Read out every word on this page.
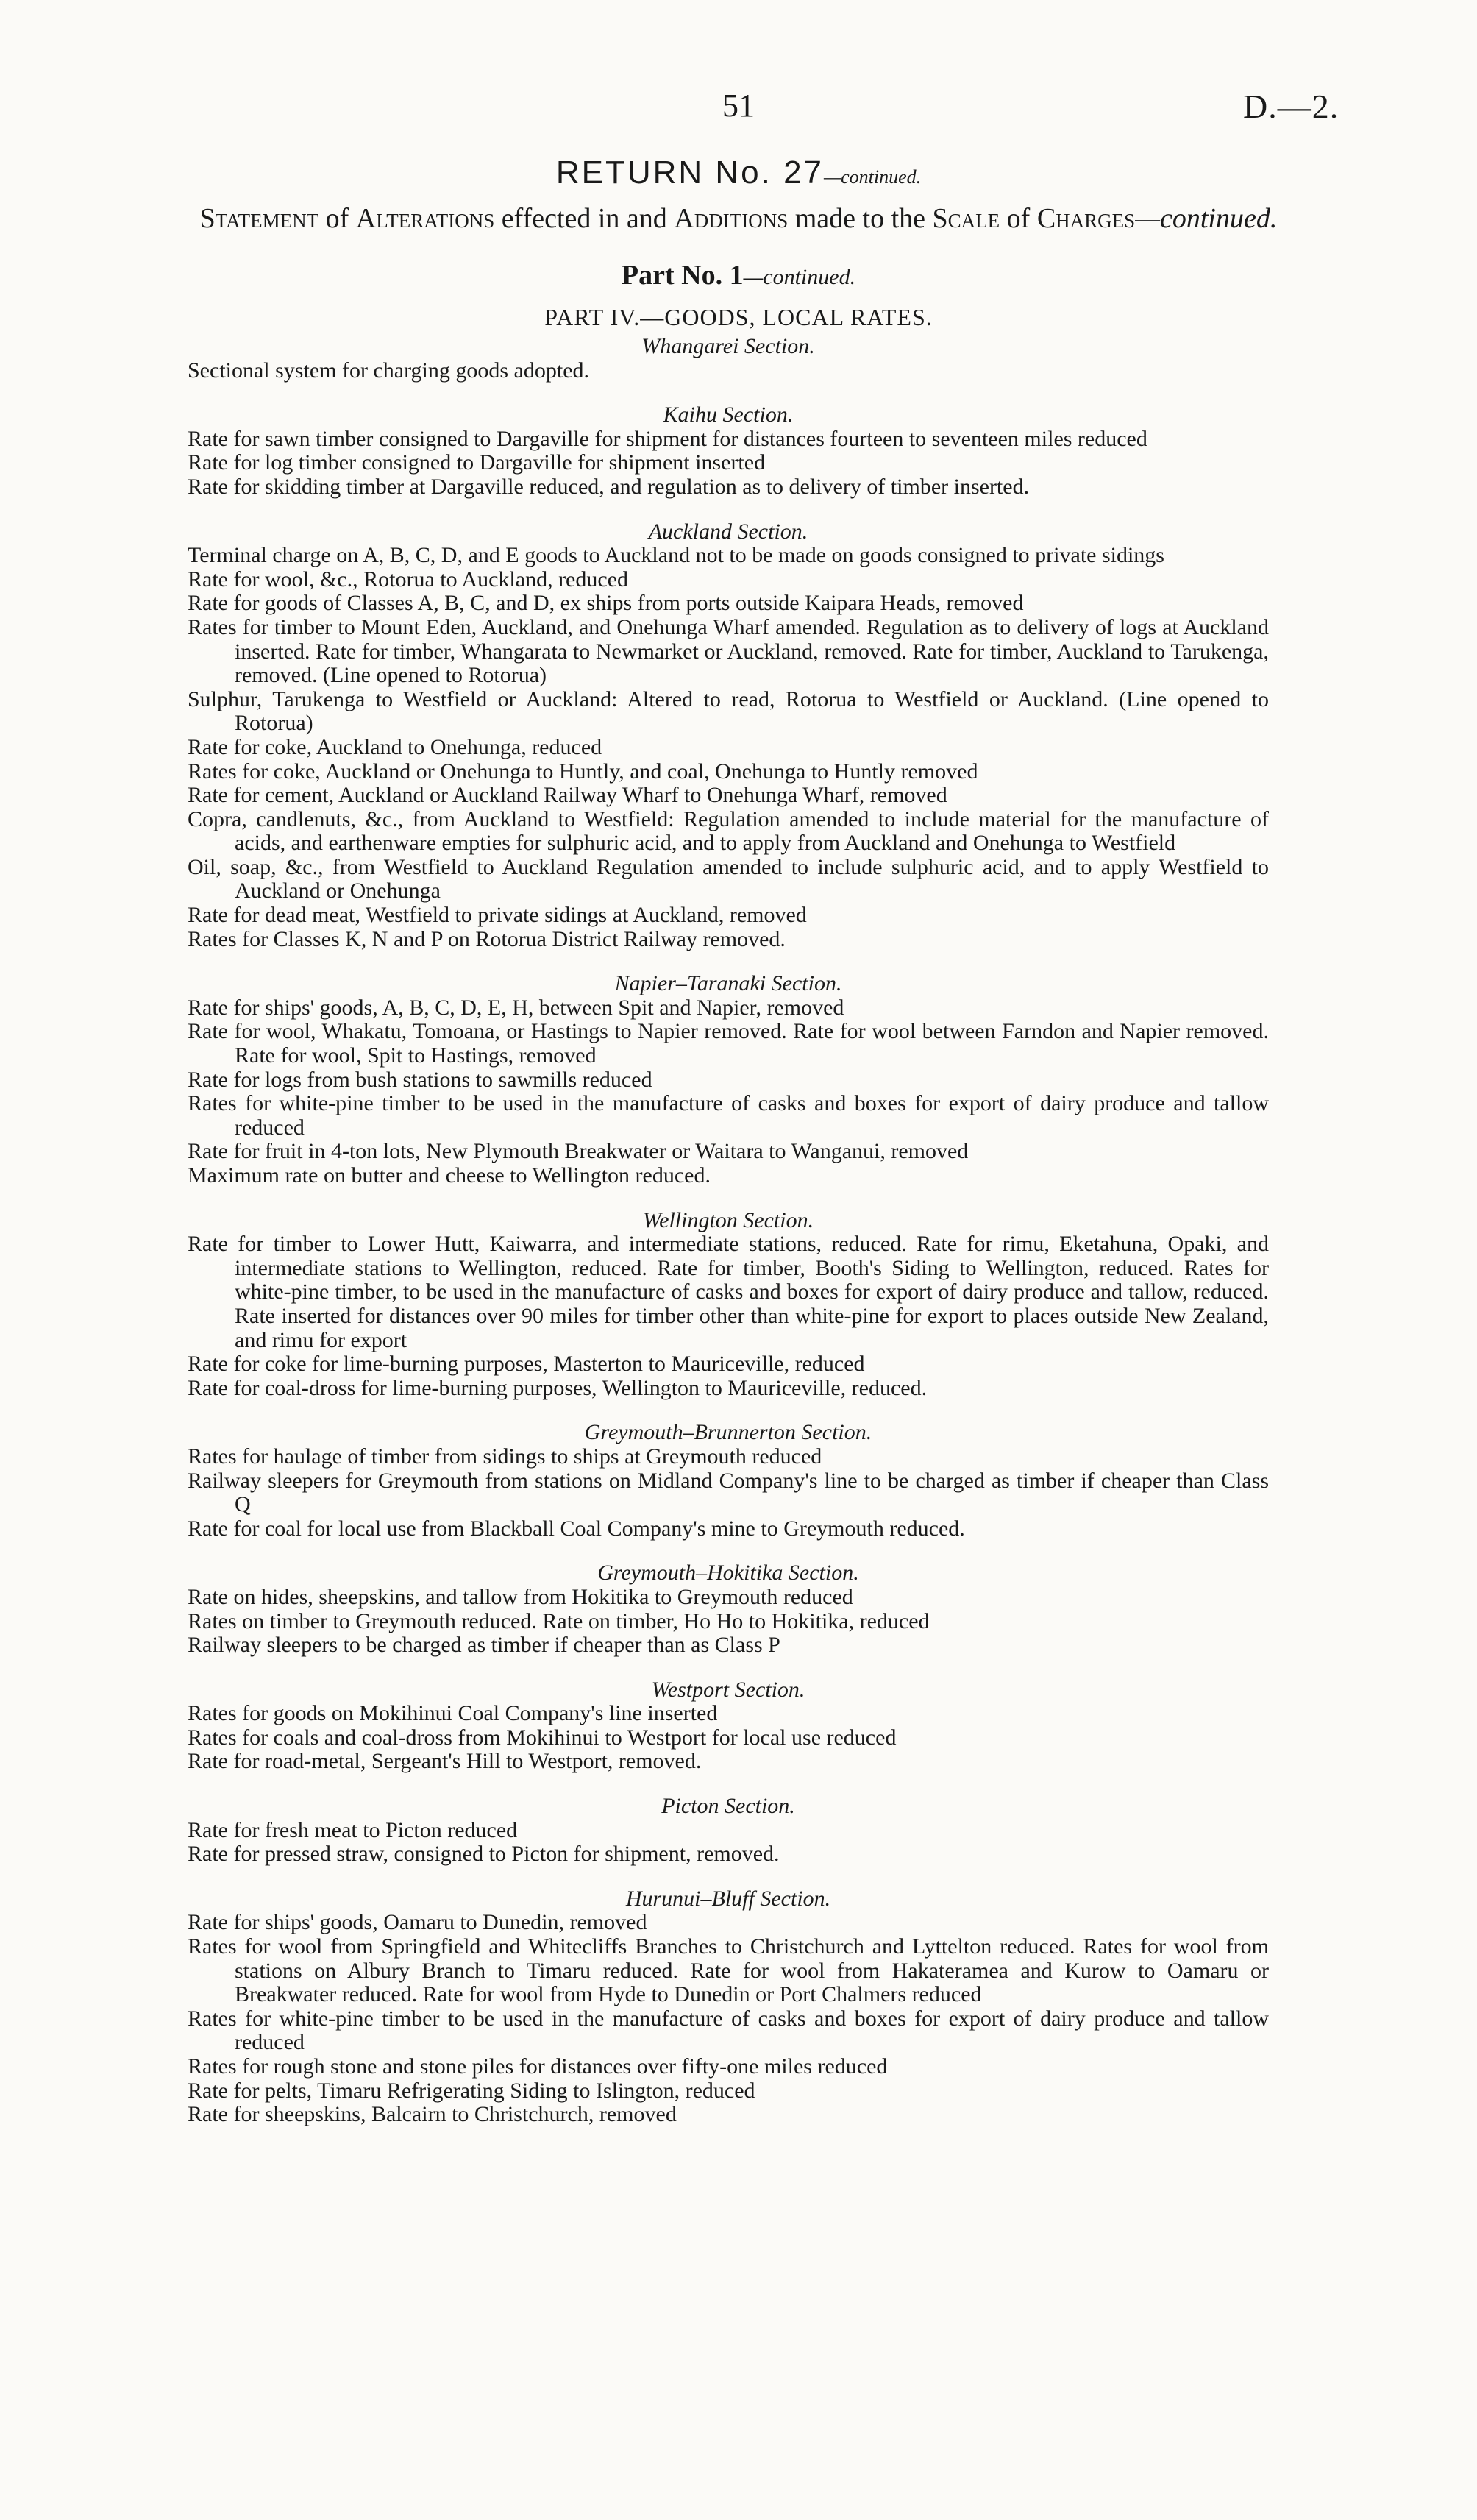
51	D.—2.
RETURN No. 27—continued.
Statement of Alterations effected in and Additions made to the Scale of Charges—continued.
Part No. 1—continued.
PART IV.—GOODS, LOCAL RATES.

Whangarei Section.

Sectional system for charging goods adopted.

Kaihu Section.

Rate for sawn timber consigned to Dargaville for shipment for distances fourteen to seventeen miles reduced

Rate for log timber consigned to Dargaville for shipment inserted

Rate for skidding timber at Dargaville reduced, and regulation as to delivery of timber inserted.

Auckland Section.

Terminal charge on A, B, C, D, and E goods to Auckland not to be made on goods consigned to private sidings

Rate for wool, &c., Rotorua to Auckland, reduced

Rate for goods of Classes A, B, C, and D, ex ships from ports outside Kaipara Heads, removed

Rates for timber to Mount Eden, Auckland, and Onehunga Wharf amended. Regulation as to delivery of logs at Auckland inserted. Rate for timber, Whangarata to Newmarket or Auckland, removed. Rate for timber, Auckland to Tarukenga, removed. (Line opened to Rotorua)

Sulphur, Tarukenga to Westfield or Auckland: Altered to read, Rotorua to Westfield or Auckland. (Line opened to Rotorua)

Rate for coke, Auckland to Onehunga, reduced

Rates for coke, Auckland or Onehunga to Huntly, and coal, Onehunga to Huntly removed

Rate for cement, Auckland or Auckland Railway Wharf to Onehunga Wharf, removed

Copra, candlenuts, &c., from Auckland to Westfield: Regulation amended to include material for the manufacture of acids, and earthenware empties for sulphuric acid, and to apply from Auckland and Onehunga to Westfield

Oil, soap, &c., from Westfield to Auckland Regulation amended to include sulphuric acid, and to apply Westfield to Auckland or Onehunga

Rate for dead meat, Westfield to private sidings at Auckland, removed

Rates for Classes K, N and P on Rotorua District Railway removed.

Napier–Taranaki Section.

Rate for ships' goods, A, B, C, D, E, H, between Spit and Napier, removed

Rate for wool, Whakatu, Tomoana, or Hastings to Napier removed. Rate for wool between Farndon and Napier removed. Rate for wool, Spit to Hastings, removed

Rate for logs from bush stations to sawmills reduced

Rates for white-pine timber to be used in the manufacture of casks and boxes for export of dairy produce and tallow reduced

Rate for fruit in 4-ton lots, New Plymouth Breakwater or Waitara to Wanganui, removed

Maximum rate on butter and cheese to Wellington reduced.

Wellington Section.

Rate for timber to Lower Hutt, Kaiwarra, and intermediate stations, reduced. Rate for rimu, Eketahuna, Opaki, and intermediate stations to Wellington, reduced. Rate for timber, Booth's Siding to Wellington, reduced. Rates for white-pine timber, to be used in the manufacture of casks and boxes for export of dairy produce and tallow, reduced. Rate inserted for distances over 90 miles for timber other than white-pine for export to places outside New Zealand, and rimu for export

Rate for coke for lime-burning purposes, Masterton to Mauriceville, reduced

Rate for coal-dross for lime-burning purposes, Wellington to Mauriceville, reduced.

Greymouth–Brunnerton Section.

Rates for haulage of timber from sidings to ships at Greymouth reduced

Railway sleepers for Greymouth from stations on Midland Company's line to be charged as timber if cheaper than Class Q

Rate for coal for local use from Blackball Coal Company's mine to Greymouth reduced.

Greymouth–Hokitika Section.

Rate on hides, sheepskins, and tallow from Hokitika to Greymouth reduced

Rates on timber to Greymouth reduced. Rate on timber, Ho Ho to Hokitika, reduced

Railway sleepers to be charged as timber if cheaper than as Class P

Westport Section.

Rates for goods on Mokihinui Coal Company's line inserted

Rates for coals and coal-dross from Mokihinui to Westport for local use reduced

Rate for road-metal, Sergeant's Hill to Westport, removed.

Picton Section.

Rate for fresh meat to Picton reduced

Rate for pressed straw, consigned to Picton for shipment, removed.

Hurunui–Bluff Section.

Rate for ships' goods, Oamaru to Dunedin, removed

Rates for wool from Springfield and Whitecliffs Branches to Christchurch and Lyttelton reduced. Rates for wool from stations on Albury Branch to Timaru reduced. Rate for wool from Hakateramea and Kurow to Oamaru or Breakwater reduced. Rate for wool from Hyde to Dunedin or Port Chalmers reduced

Rates for white-pine timber to be used in the manufacture of casks and boxes for export of dairy produce and tallow reduced

Rates for rough stone and stone piles for distances over fifty-one miles reduced

Rate for pelts, Timaru Refrigerating Siding to Islington, reduced

Rate for sheepskins, Balcairn to Christchurch, removed
